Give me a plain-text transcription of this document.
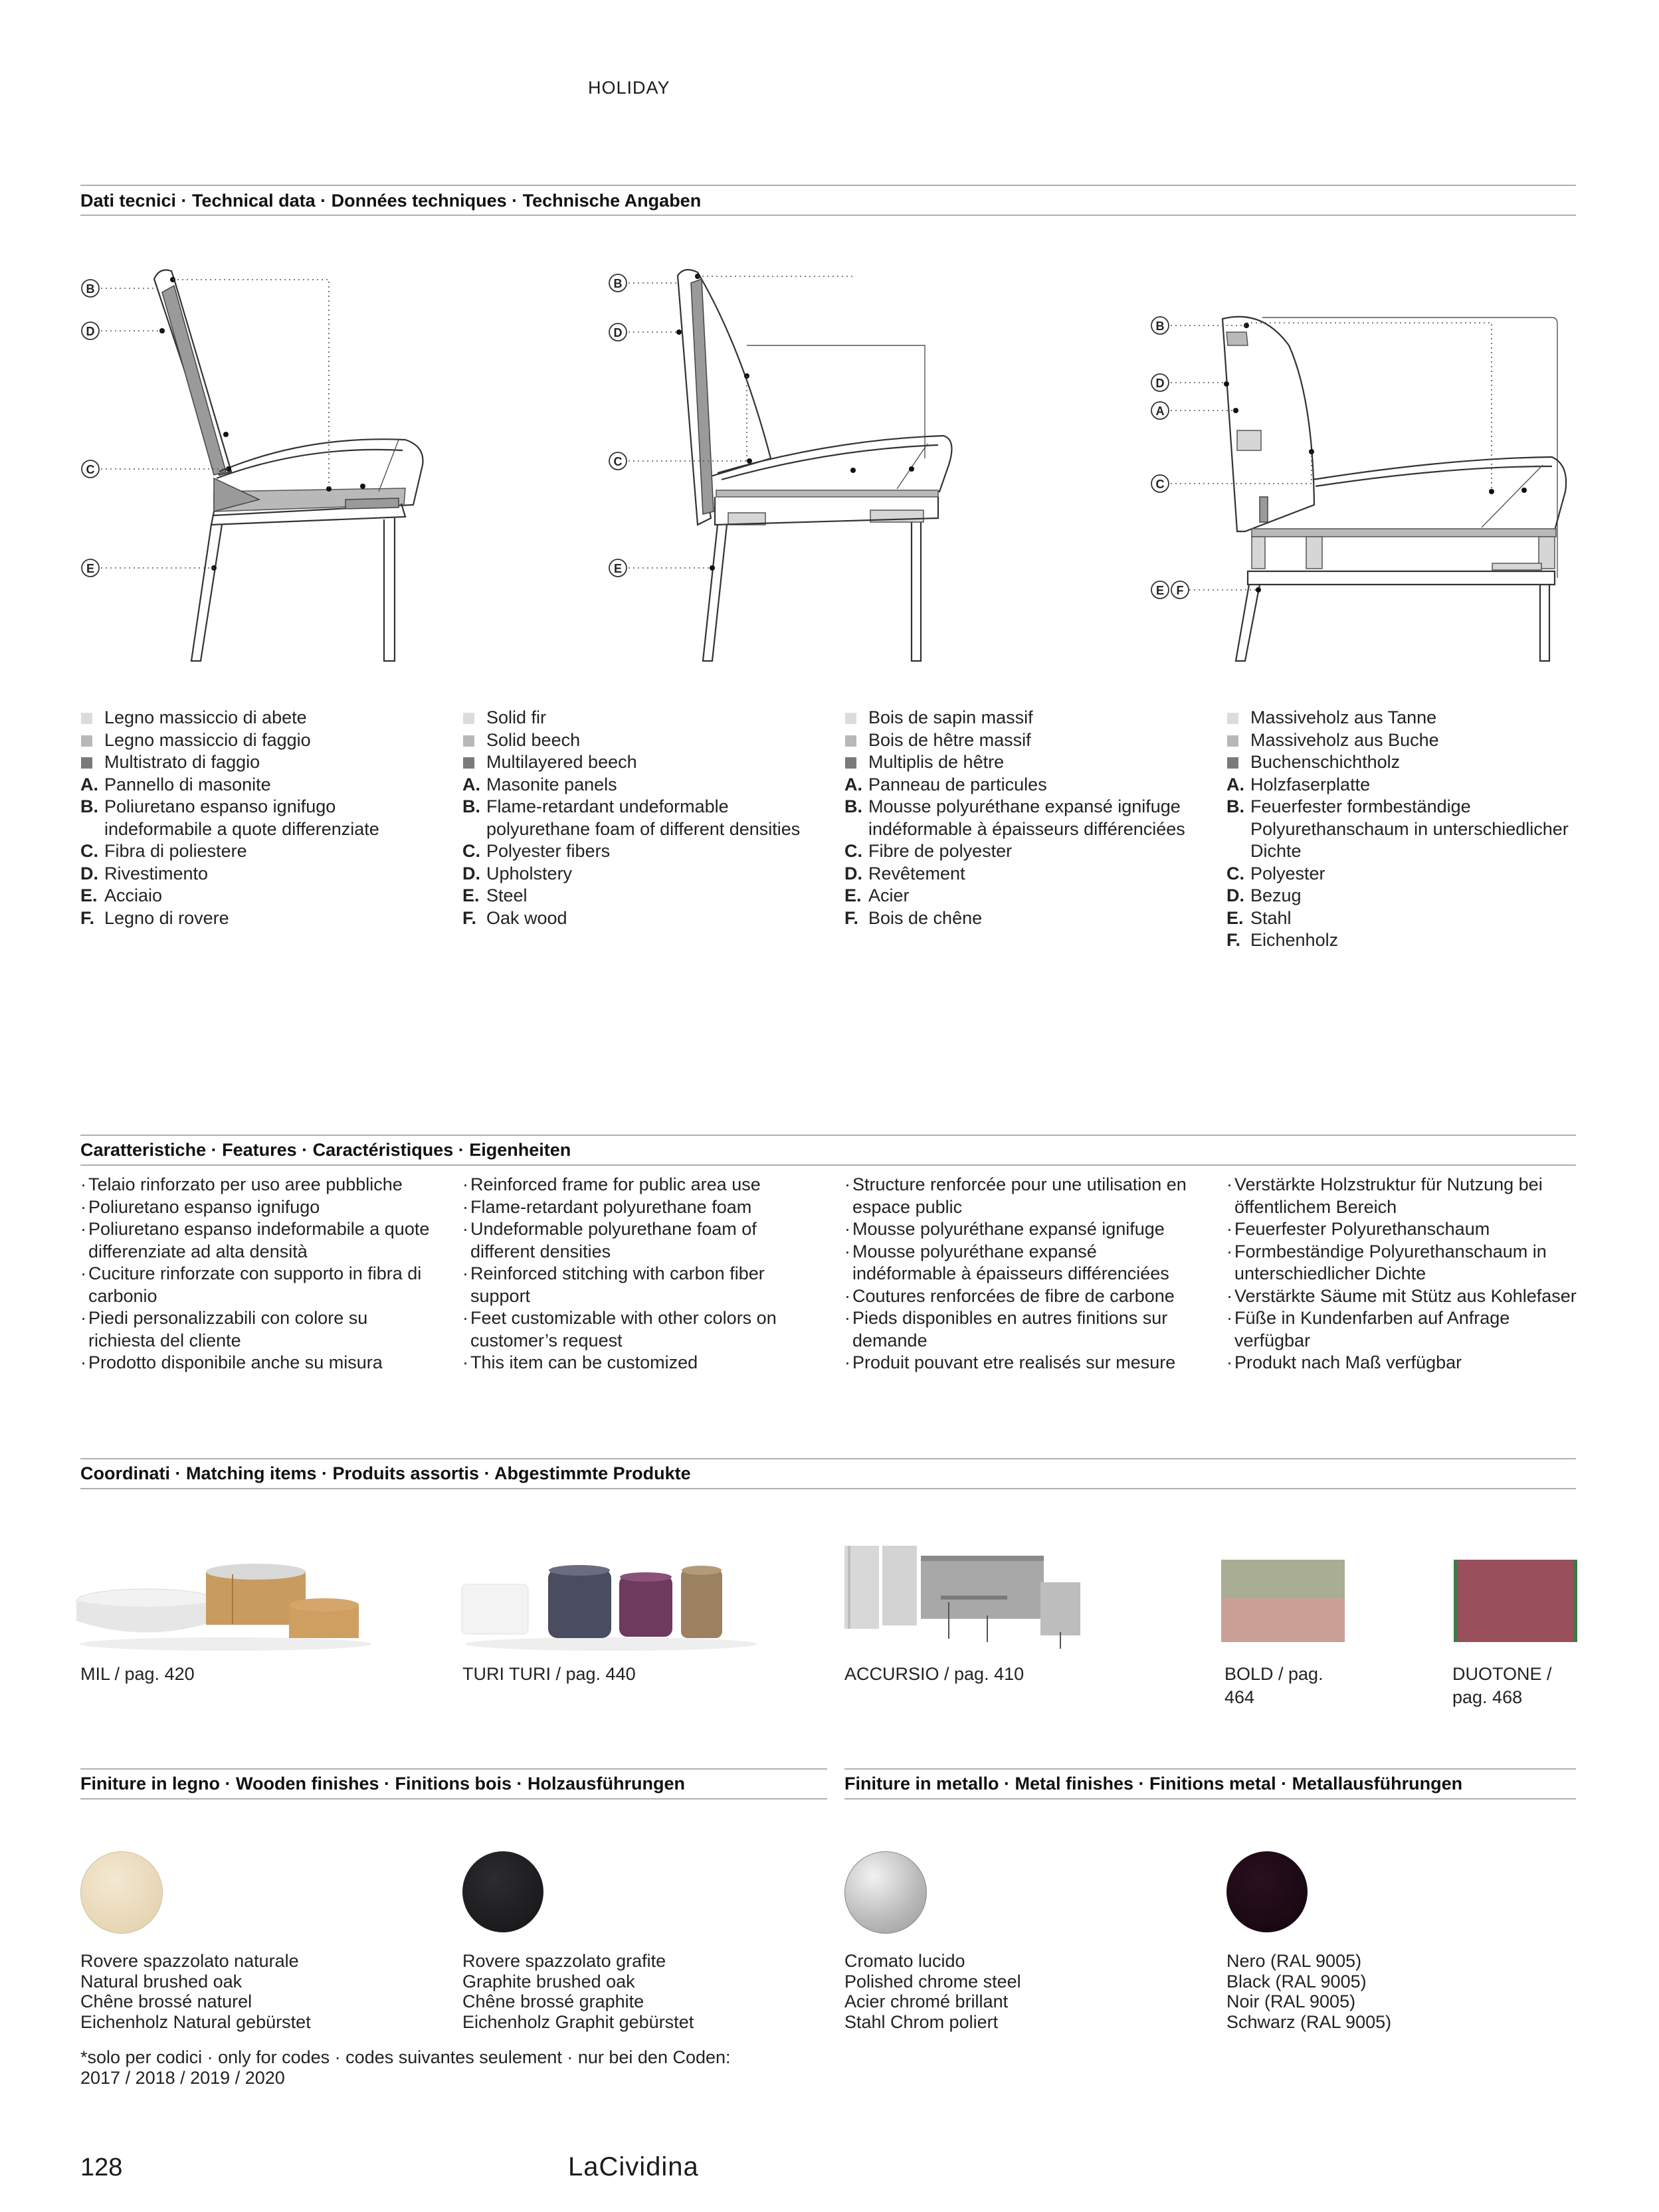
HOLIDAY
Dati tecnici · Technical data · Données techniques · Technische Angaben
B
D
C
E
B
D
C
E
B
D
A
C
E F
Legno massiccio di abete
Legno massiccio di faggio
Multistrato di faggio
A. Pannello di masonite
B. Poliuretano espanso ignifugo indeformabile a quote differenziate
C. Fibra di poliestere
D. Rivestimento
E. Acciaio
F. Legno di rovere
Solid fir
Solid beech
Multilayered beech
A. Masonite panels
B. Flame-retardant undeformable polyurethane foam of different densities
C. Polyester fibers
D. Upholstery
E. Steel
F. Oak wood
Bois de sapin massif
Bois de hêtre massif
Multiplis de hêtre
A. Panneau de particules
B. Mousse polyuréthane expansé ignifuge indéformable à épaisseurs différenciées
C. Fibre de polyester
D. Revêtement
E. Acier
F. Bois de chêne
Massiveholz aus Tanne
Massiveholz aus Buche
Buchenschichtholz
A. Holzfaserplatte
B. Feuerfester formbeständige Polyurethanschaum in unterschiedlicher Dichte
C. Polyester
D. Bezug
E. Stahl
F. Eichenholz
Caratteristiche · Features · Caractéristiques · Eigenheiten
· Telaio rinforzato per uso aree pubbliche
· Poliuretano espanso ignifugo
· Poliuretano espanso indeformabile a quote differenziate ad alta densità
· Cuciture rinforzate con supporto in fibra di carbonio
· Piedi personalizzabili con colore su richiesta del cliente
· Prodotto disponibile anche su misura
· Reinforced frame for public area use
· Flame-retardant polyurethane foam
· Undeformable polyurethane foam of different densities
· Reinforced stitching with carbon fiber support
· Feet customizable with other colors on customer’s request
· This item can be customized
· Structure renforcée pour une utilisation en espace public
· Mousse polyuréthane expansé ignifuge
· Mousse polyuréthane expansé indéformable à épaisseurs différenciées
· Coutures renforcées de fibre de carbone
· Pieds disponibles en autres finitions sur demande
· Produit pouvant etre realisés sur mesure
· Verstärkte Holzstruktur für Nutzung bei öffentlichem Bereich
· Feuerfester Polyurethanschaum
· Formbeständige Polyurethanschaum in unterschiedlicher Dichte
· Verstärkte Säume mit Stütz aus Kohlefaser
· Füße in Kundenfarben auf Anfrage verfügbar
· Produkt nach Maß verfügbar
Coordinati · Matching items · Produits assortis · Abgestimmte Produkte
MIL / pag. 420	TURI TURI / pag. 440	ACCURSIO / pag. 410	BOLD / pag. 464
DUOTONE / pag. 468
Finiture in legno · Wooden finishes · Finitions bois · Holzausführungen	Finiture in metallo · Metal finishes · Finitions metal · Metallausführungen
Rovere spazzolato naturale
Natural brushed oak
Chêne brossé naturel
Eichenholz Natural gebürstet
Rovere spazzolato grafite
Graphite brushed oak
Chêne brossé graphite
Eichenholz Graphit gebürstet
Cromato lucido
Polished chrome steel
Acier chromé brillant
Stahl Chrom poliert
Nero (RAL 9005)
Black (RAL 9005)
Noir (RAL 9005)
Schwarz (RAL 9005)
*solo per codici · only for codes · codes suivantes seulement · nur bei den Coden:
2017 / 2018 / 2019 / 2020
128	LaCividina
